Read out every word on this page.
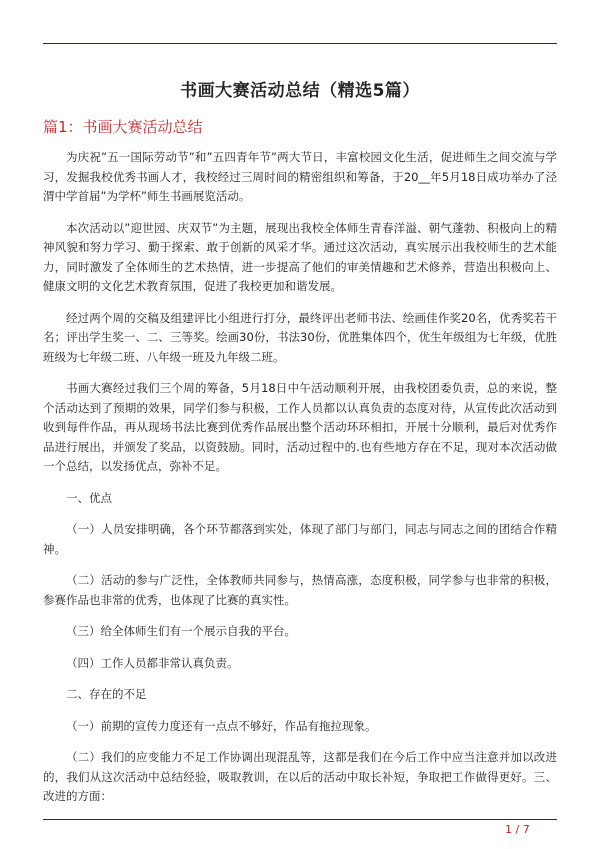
书画大赛活动总结（精选5篇）
篇1：书画大赛活动总结

为庆祝”五一国际劳动节”和”五四青年节”两大节日，丰富校园文化生活，促进师生之间交流与学习，发掘我校优秀书画人才，我校经过三周时间的精密组织和筹备，于20__年5月18日成功举办了泾渭中学首届”为学杯”师生书画展览活动。

本次活动以”迎世园、庆双节”为主题，展现出我校全体师生青春洋溢、朝气蓬勃、积极向上的精神风貌和努力学习、勤于探索、敢于创新的风采才华。通过这次活动，真实展示出我校师生的艺术能力，同时激发了全体师生的艺术热情，进一步提高了他们的审美情趣和艺术修养，营造出积极向上、健康文明的文化艺术教育氛围，促进了我校更加和谐发展。

经过两个周的交稿及组建评比小组进行打分，最终评出老师书法、绘画佳作奖20名，优秀奖若干名；评出学生奖一、二、三等奖。绘画30份，书法30份，优胜集体四个，优生年级组为七年级，优胜班级为七年级二班、八年级一班及九年级二班。

书画大赛经过我们三个周的筹备，5月18日中午活动顺利开展，由我校团委负责，总的来说，整个活动达到了预期的效果，同学们参与积极，工作人员都以认真负责的态度对待，从宣传此次活动到收到每件作品，再从现场书法比赛到优秀作品展出整个活动环环相扣，开展十分顺利，最后对优秀作品进行展出，并颁发了奖品，以资鼓励。同时，活动过程中的.也有些地方存在不足，现对本次活动做一个总结，以发扬优点，弥补不足。

一、优点

（一）人员安排明确，各个环节都落到实处，体现了部门与部门，同志与同志之间的团结合作精神。

（二）活动的参与广泛性，全体教师共同参与，热情高涨，态度积极，同学参与也非常的积极，参赛作品也非常的优秀，也体现了比赛的真实性。

（三）给全体师生们有一个展示自我的平台。

（四）工作人员都非常认真负责。

二、存在的不足

（一）前期的宣传力度还有一点点不够好，作品有拖拉现象。

（二）我们的应变能力不足工作协调出现混乱等，这都是我们在今后工作中应当注意并加以改进的，我们从这次活动中总结经验，吸取教训，在以后的活动中取长补短，争取把工作做得更好。三、改进的方面：

1 / 7
